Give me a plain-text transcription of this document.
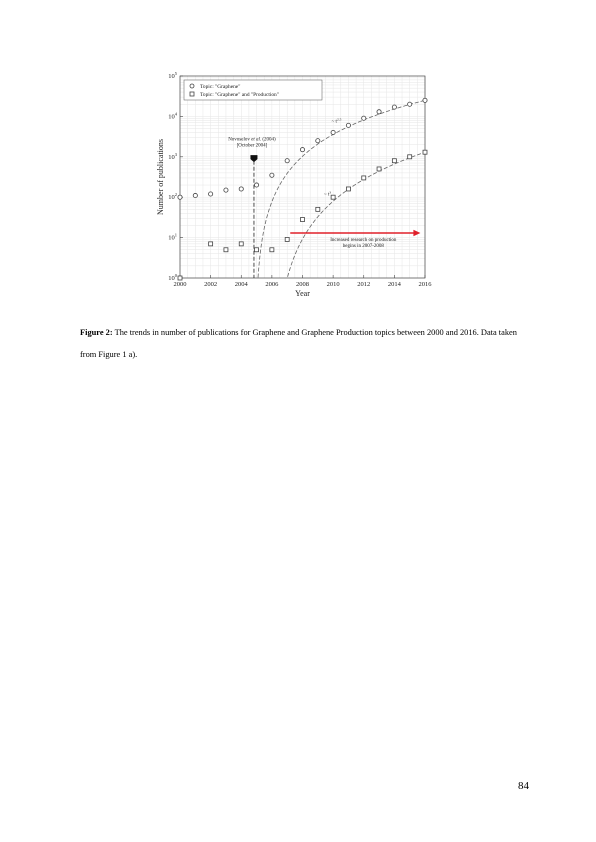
2000	2002	2004	2006	2008	2010	2012	2014	2016
$10^0$
$10^1$
$10^2$
$10^3$
$10^4$
$10^5$
Year
Number of publications
~ $t^{2.5}$
~ $t^3$
Novoselov et al. (2004)
[October 2004]
Increased research on production
begins in 2007-2008
Topic: "Graphene"
Topic: "Graphene" and "Production"
Figure 2: The trends in number of publications for Graphene and Graphene Production topics between 2000 and 2016. Data taken from Figure 1 a).
84
